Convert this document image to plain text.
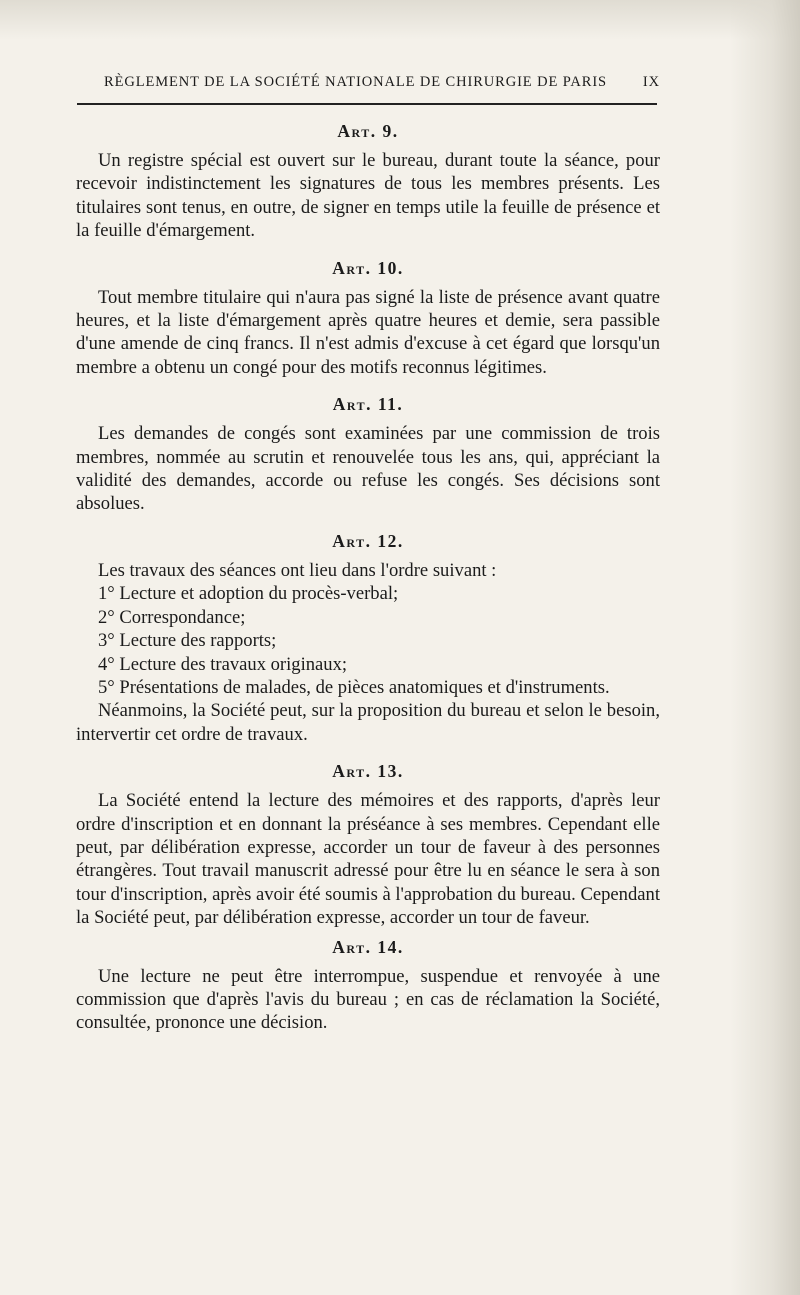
RÈGLEMENT DE LA SOCIÉTÉ NATIONALE DE CHIRURGIE DE PARIS IX
Art. 9.

Un registre spécial est ouvert sur le bureau, durant toute la séance, pour recevoir indistinctement les signatures de tous les membres présents. Les titulaires sont tenus, en outre, de signer en temps utile la feuille de présence et la feuille d'émargement.

Art. 10.

Tout membre titulaire qui n'aura pas signé la liste de présence avant quatre heures, et la liste d'émargement après quatre heures et demie, sera passible d'une amende de cinq francs. Il n'est admis d'excuse à cet égard que lorsqu'un membre a obtenu un congé pour des motifs reconnus légitimes.

Art. 11.

Les demandes de congés sont examinées par une commission de trois membres, nommée au scrutin et renouvelée tous les ans, qui, appréciant la validité des demandes, accorde ou refuse les congés. Ses décisions sont absolues.

Art. 12.

Les travaux des séances ont lieu dans l'ordre suivant :

1° Lecture et adoption du procès-verbal;

2° Correspondance;

3° Lecture des rapports;

4° Lecture des travaux originaux;

5° Présentations de malades, de pièces anatomiques et d'instruments.

Néanmoins, la Société peut, sur la proposition du bureau et selon le besoin, intervertir cet ordre de travaux.

Art. 13.

La Société entend la lecture des mémoires et des rapports, d'après leur ordre d'inscription et en donnant la préséance à ses membres. Cependant elle peut, par délibération expresse, accorder un tour de faveur à des personnes étrangères. Tout travail manuscrit adressé pour être lu en séance le sera à son tour d'inscription, après avoir été soumis à l'approbation du bureau. Cependant la Société peut, par délibération expresse, accorder un tour de faveur.

Art. 14.

Une lecture ne peut être interrompue, suspendue et renvoyée à une commission que d'après l'avis du bureau ; en cas de réclamation la Société, consultée, prononce une décision.
